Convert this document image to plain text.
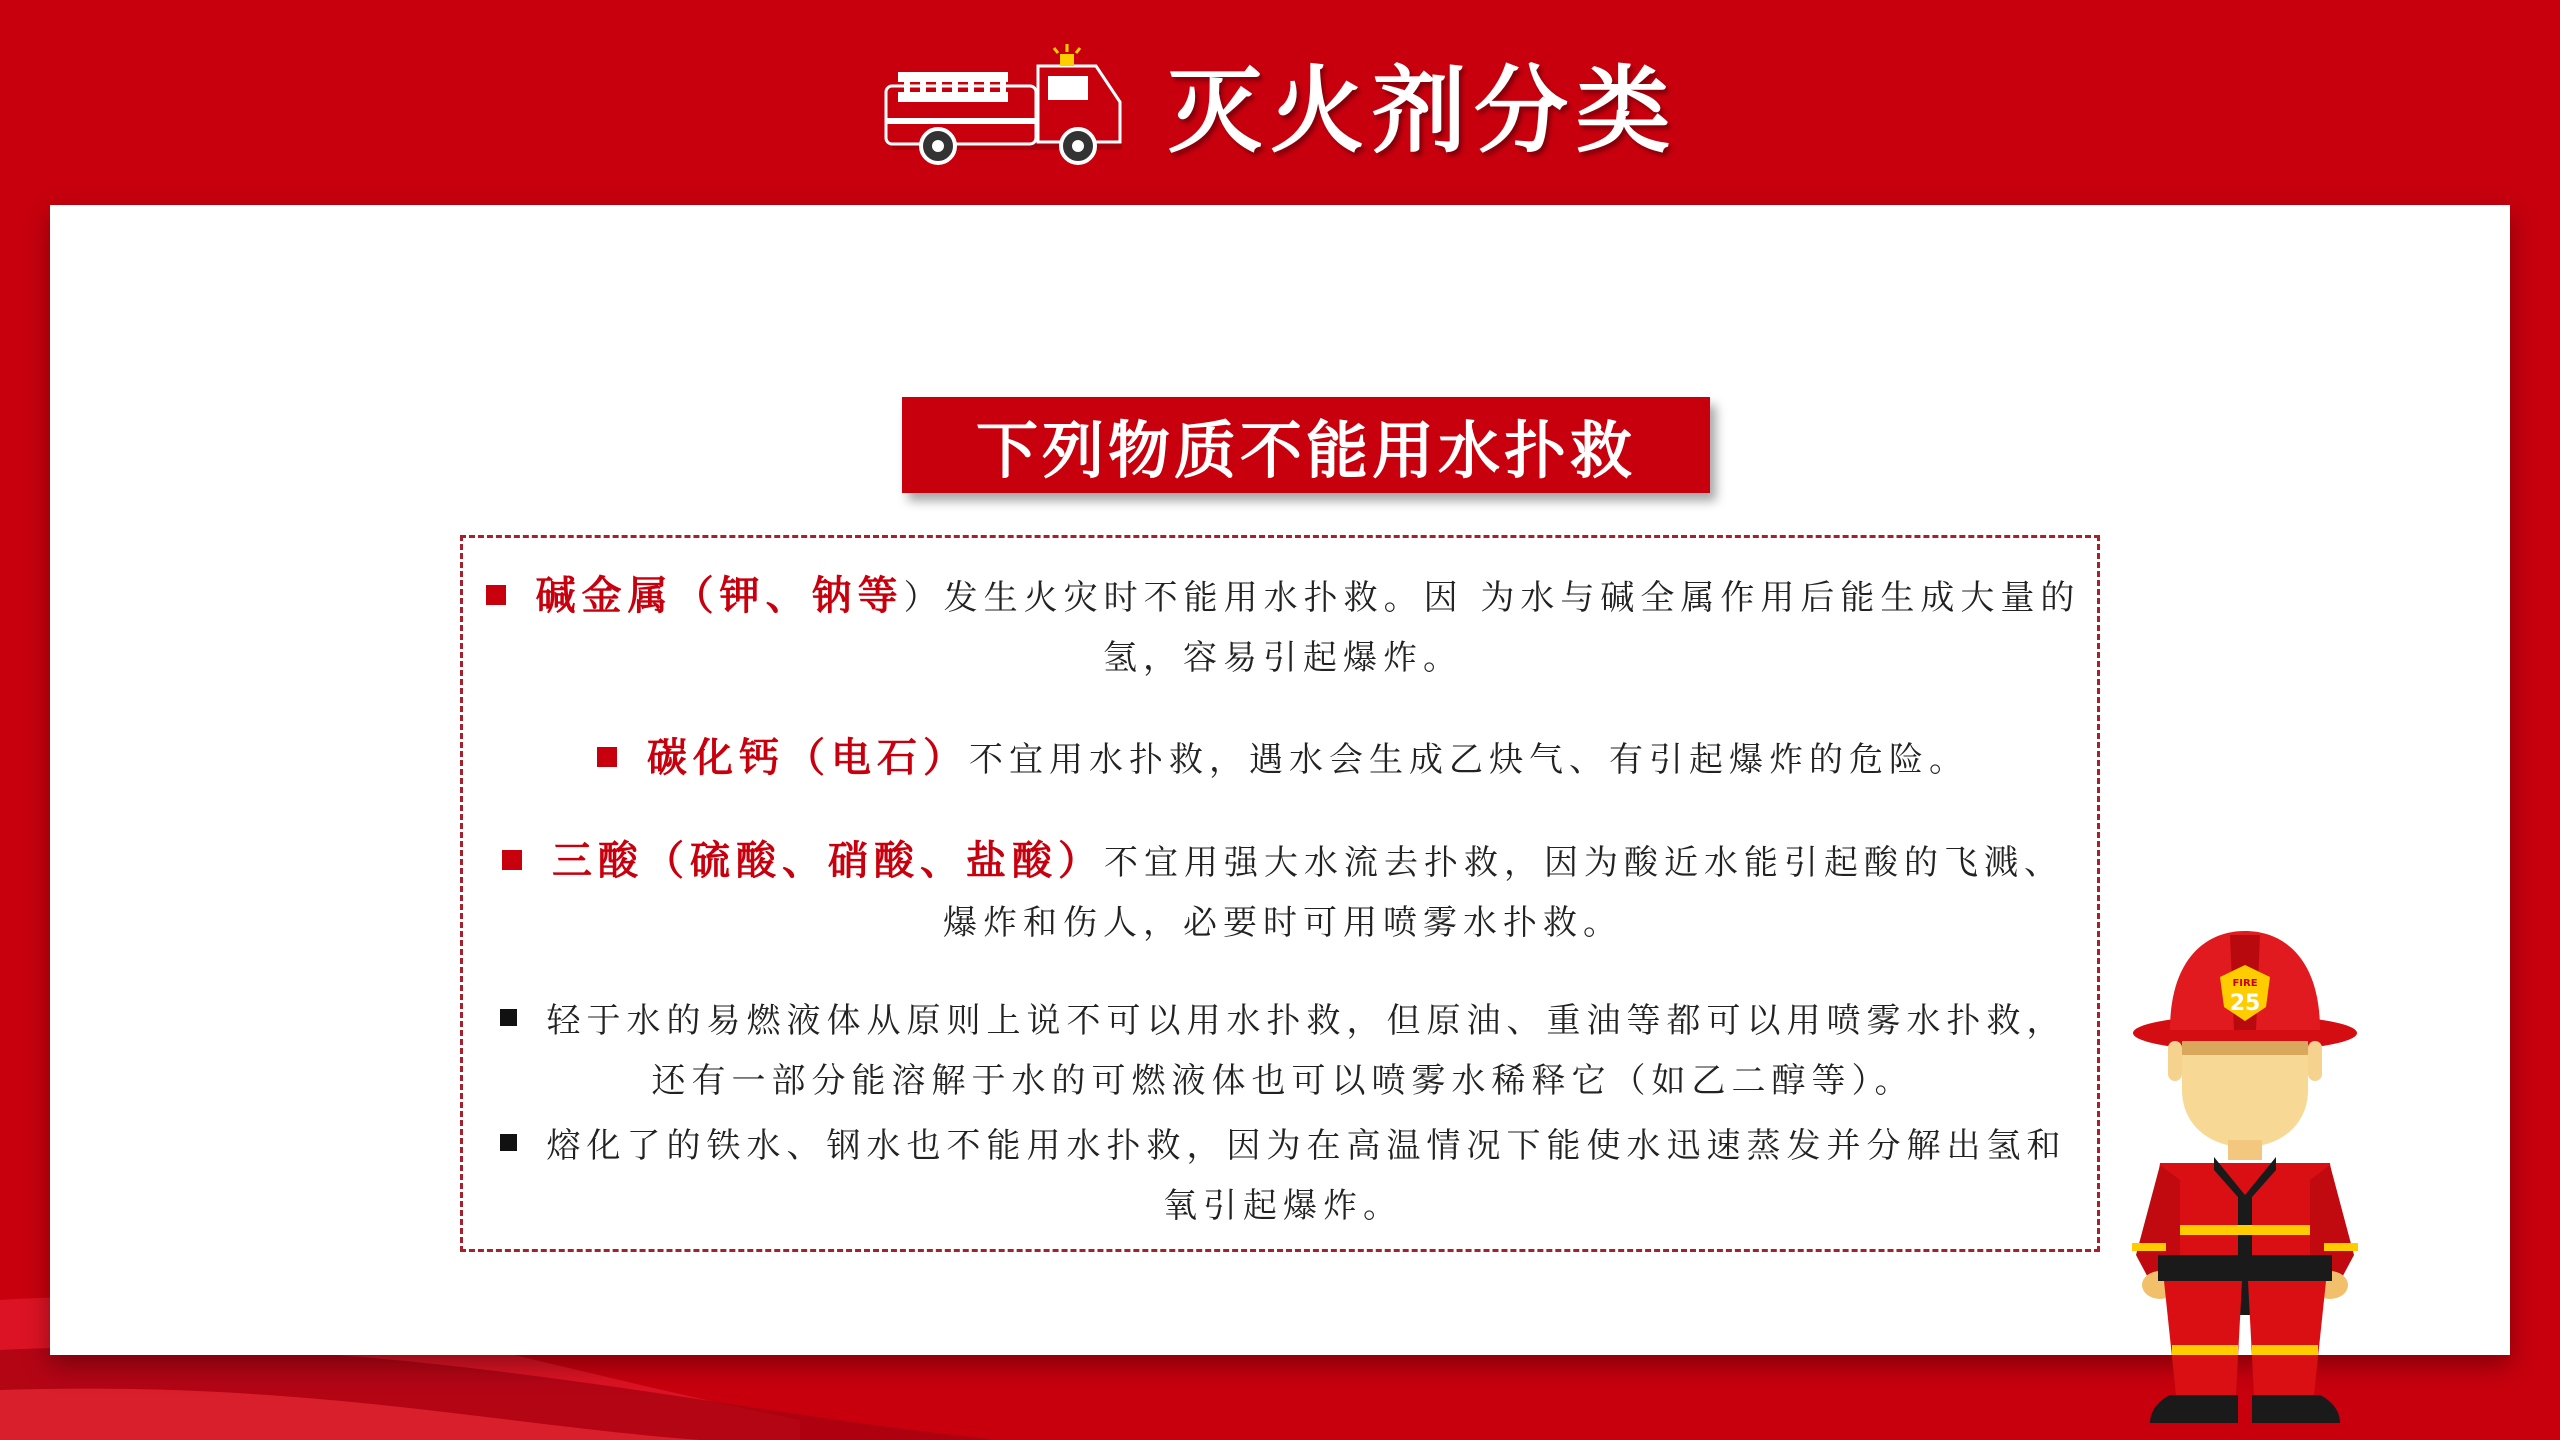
灭火剂分类
下列物质不能用水扑救
碱金属（钾、钠等）发生火灾时不能用水扑救。因 为水与碱全属作用后能生成大量的氢，容易引起爆炸。
碳化钙（电石）不宜用水扑救，遇水会生成乙炔气、有引起爆炸的危险。
三酸（硫酸、硝酸、盐酸）不宜用强大水流去扑救，因为酸近水能引起酸的飞溅、爆炸和伤人，必要时可用喷雾水扑救。
轻于水的易燃液体从原则上说不可以用水扑救，但原油、重油等都可以用喷雾水扑救，还有一部分能溶解于水的可燃液体也可以喷雾水稀释它（如乙二醇等）。
熔化了的铁水、钢水也不能用水扑救，因为在高温情况下能使水迅速蒸发并分解出氢和氧引起爆炸。
FIRE
25
